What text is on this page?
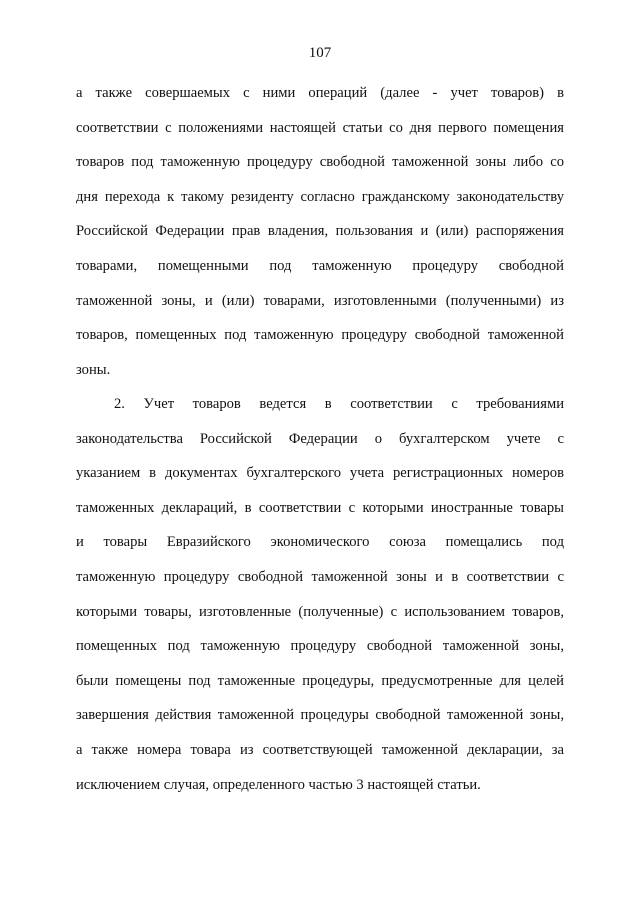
107
а также совершаемых с ними операций (далее - учет товаров) в
соответствии с положениями настоящей статьи со дня первого помещения
товаров под таможенную процедуру свободной таможенной зоны либо со
дня перехода к такому резиденту согласно гражданскому законодательству
Российской Федерации прав владения, пользования и (или) распоряжения
товарами, помещенными под таможенную процедуру свободной
таможенной зоны, и (или) товарами, изготовленными (полученными) из
товаров, помещенных под таможенную процедуру свободной таможенной
зоны.
2. Учет товаров ведется в соответствии с требованиями
законодательства Российской Федерации о бухгалтерском учете с
указанием в документах бухгалтерского учета регистрационных номеров
таможенных деклараций, в соответствии с которыми иностранные товары
и товары Евразийского экономического союза помещались под
таможенную процедуру свободной таможенной зоны и в соответствии с
которыми товары, изготовленные (полученные) с использованием товаров,
помещенных под таможенную процедуру свободной таможенной зоны,
были помещены под таможенные процедуры, предусмотренные для целей
завершения действия таможенной процедуры свободной таможенной зоны,
а также номера товара из соответствующей таможенной декларации, за
исключением случая, определенного частью 3 настоящей статьи.
